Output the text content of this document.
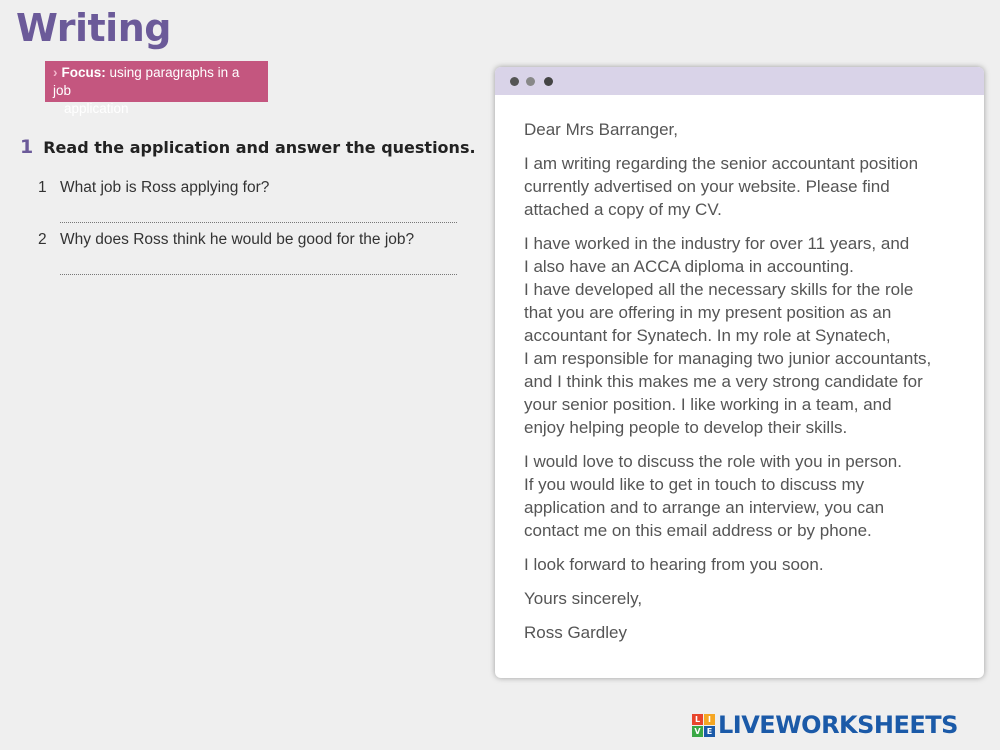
Writing
› Focus: using paragraphs in a job
application
1 Read the application and answer the questions.
1 What job is Ross applying for?
2 Why does Ross think he would be good for the job?

Dear Mrs Barranger,

I am writing regarding the senior accountant position
currently advertised on your website. Please find
attached a copy of my CV.

I have worked in the industry for over 11 years, and
I also have an ACCA diploma in accounting.
I have developed all the necessary skills for the role
that you are offering in my present position as an
accountant for Synatech. In my role at Synatech,
I am responsible for managing two junior accountants,
and I think this makes me a very strong candidate for
your senior position. I like working in a team, and
enjoy helping people to develop their skills.

I would love to discuss the role with you in person.
If you would like to get in touch to discuss my
application and to arrange an interview, you can
contact me on this email address or by phone.

I look forward to hearing from you soon.

Yours sincerely,

Ross Gardley

L I
V E LIVEWORKSHEETS
